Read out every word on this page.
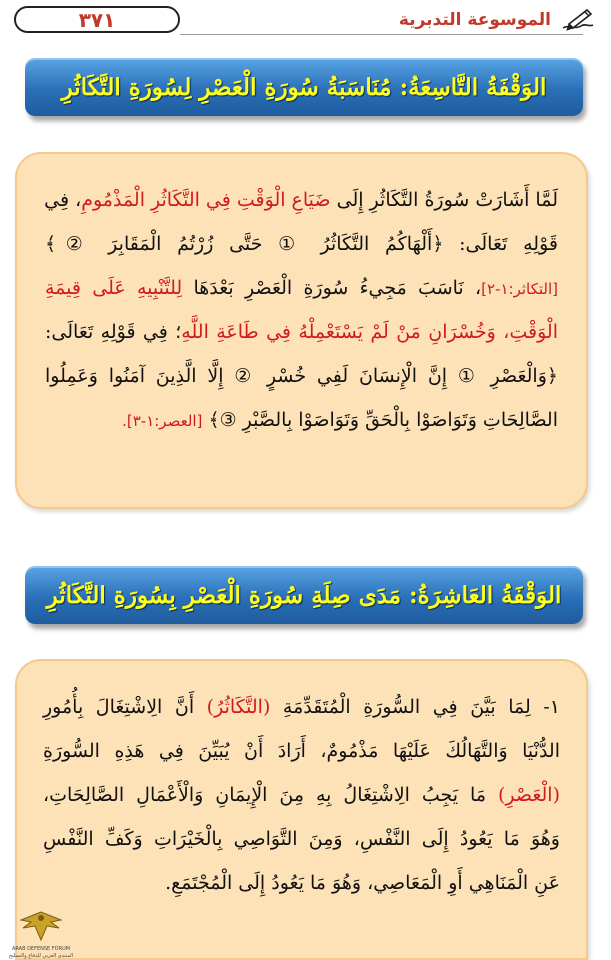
٣٧١	الموسوعة التدبرية
الوَقْفَةُ التَّاسِعَةُ: مُنَاسَبَةُ سُورَةِ الْعَصْرِ لِسُورَةِ التَّكَاثُرِ
لَمَّا أَشَارَتْ سُورَةُ التَّكَاثُرِ إِلَى ضَيَاعِ الْوَقْتِ فِي التَّكَاثُرِ الْمَذْمُومِ، فِي
قَوْلِهِ تَعَالَى: ﴿أَلْهَاكُمُ التَّكَاثُرُ ① حَتَّى زُرْتُمُ الْمَقَابِرَ ②﴾
[التكاثر:١-٢]، نَاسَبَ مَجِيءُ سُورَةِ الْعَصْرِ بَعْدَهَا لِلتَّنْبِيهِ عَلَى قِيمَةِ
الْوَقْتِ، وَخُسْرَانِ مَنْ لَمْ يَسْتَعْمِلْهُ فِي طَاعَةِ اللَّهِ؛ فِي قَوْلِهِ تَعَالَى:
﴿وَالْعَصْرِ ① إِنَّ الْإِنسَانَ لَفِي خُسْرٍ ② إِلَّا الَّذِينَ آمَنُوا وَعَمِلُوا
الصَّالِحَاتِ وَتَوَاصَوْا بِالْحَقِّ وَتَوَاصَوْا بِالصَّبْرِ ③﴾ [العصر:١-٣].
الوَقْفَةُ العَاشِرَةُ: مَدَى صِلَةِ سُورَةِ الْعَصْرِ بِسُورَةِ التَّكَاثُرِ
١- لِمَا بَيَّنَ فِي السُّورَةِ الْمُتَقَدِّمَةِ (التَّكَاثُرُ) أَنَّ الِاشْتِغَالَ بِأُمُورِ
الدُّنْيَا وَالتَّهَالُكَ عَلَيْهَا مَذْمُومٌ، أَرَادَ أَنْ يُبَيِّنَ فِي هَذِهِ السُّورَةِ
(الْعَصْرِ) مَا يَجِبُ الِاشْتِغَالُ بِهِ مِنَ الْإِيمَانِ وَالْأَعْمَالِ الصَّالِحَاتِ،
وَهُوَ مَا يَعُودُ إِلَى النَّفْسِ، وَمِنَ التَّوَاصِي بِالْخَيْرَاتِ وَكَفِّ النَّفْسِ
عَنِ الْمَنَاهِي أَوِ الْمَعَاصِي، وَهُوَ مَا يَعُودُ إِلَى الْمُجْتَمَعِ.
ARAB DEFENSE FORUM
المنتدى العربي للدفاع والتسليح
